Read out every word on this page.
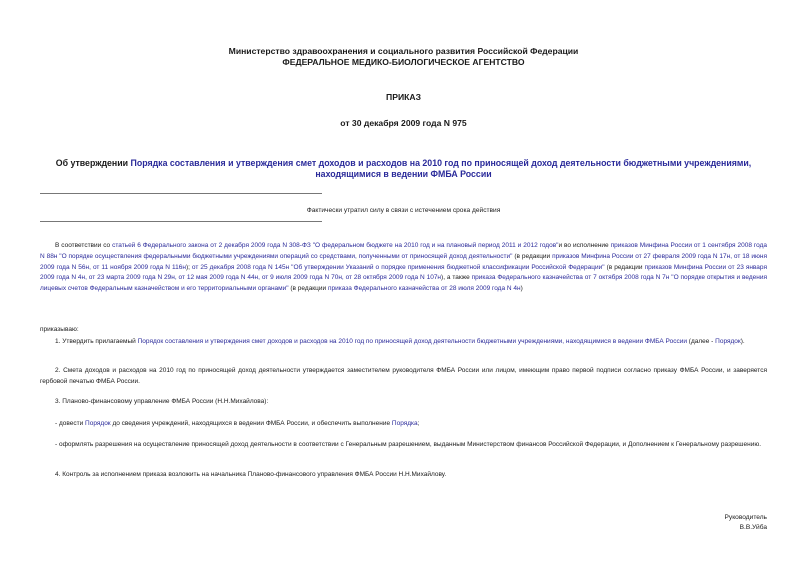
Министерство здравоохранения и социального развития Российской Федерации
ФЕДЕРАЛЬНОЕ МЕДИКО-БИОЛОГИЧЕСКОЕ АГЕНТСТВО
ПРИКАЗ
от 30 декабря 2009 года N 975
Об утверждении Порядка составления и утверждения смет доходов и расходов на 2010 год по приносящей доход деятельности бюджетными учреждениями, находящимися в ведении ФМБА России
Фактически утратил силу в связи с истечением срока действия
В соответствии со статьей 6 Федерального закона от 2 декабря 2009 года N 308-ФЗ "О федеральном бюджете на 2010 год и на плановый период 2011 и 2012 годов"и во исполнение приказов Минфина России от 1 сентября 2008 года N 88н "О порядке осуществления федеральными бюджетными учреждениями операций со средствами, полученными от приносящей доход деятельности" (в редакции приказов Минфина России от 27 февраля 2009 года N 17н, от 18 июня 2009 года N 56н, от 11 ноября 2009 года N 116н); от 25 декабря 2008 года N 145н "Об утверждении Указаний о порядке применения бюджетной классификации Российской Федерации" (в редакции приказов Минфина России от 23 января 2009 года N 4н, от 23 марта 2009 года N 29н, от 12 мая 2009 года N 44н, от 9 июля 2009 года N 70н, от 28 октября 2009 года N 107н), а также приказа Федерального казначейства от 7 октября 2008 года N 7н "О порядке открытия и ведения лицевых счетов Федеральным казначейством и его территориальными органами" (в редакции приказа Федерального казначейства от 28 июля 2009 года N 4н)
приказываю:
1. Утвердить прилагаемый Порядок составления и утверждения смет доходов и расходов на 2010 год по приносящей доход деятельности бюджетными учреждениями, находящимися в ведении ФМБА России (далее - Порядок).
2. Смета доходов и расходов на 2010 год по приносящей доход деятельности утверждается заместителем руководителя ФМБА России или лицом, имеющим право первой подписи согласно приказу ФМБА России, и заверяется гербовой печатью ФМБА России.
3. Планово-финансовому управление ФМБА России (Н.Н.Михайлова):
- довести Порядок до сведения учреждений, находящихся в ведении ФМБА России, и обеспечить выполнение Порядка;
- оформлять разрешения на осуществление приносящей доход деятельности в соответствии с Генеральным разрешением, выданным Министерством финансов Российской Федерации, и Дополнением к Генеральному разрешению.
4. Контроль за исполнением приказа возложить на начальника Планово-финансового управления ФМБА России Н.Н.Михайлову.
Руководитель
В.В.Уйба
